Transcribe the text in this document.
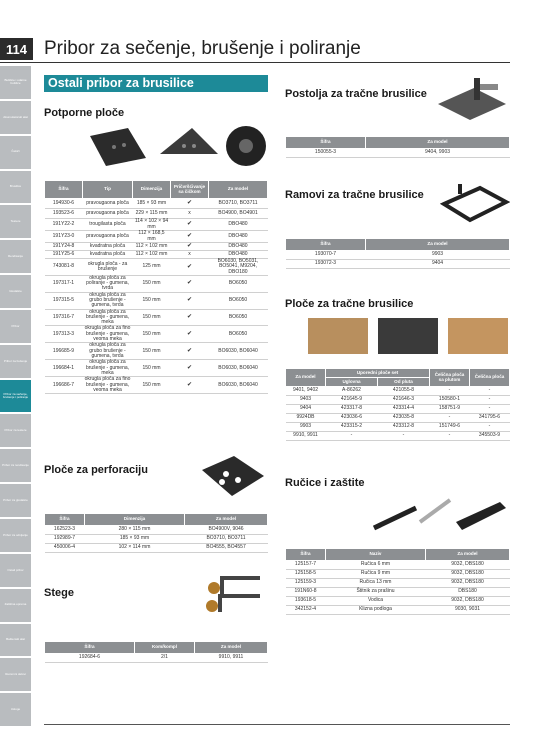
114 Pribor za sečenje, brušenje i poliranje
Bušilice i udarne bušilice
Akumulatorski alat
Čekići
Brusilice
Testere
Rendisanje
Glodalice
Pribor
Pribor za bušenje
Pribor za sečenje, brušenje i poliranje
Pribor za testere
Pribor za rendisanje
Pribor za glodalice
Pribor za odvijanje
Ostali pribor
Zaštitna oprema
Baštenski alat
Rezervni delovi
Usluge
Ostali pribor za brusilice
Potporne ploče
Šifra	Tip	Dimenzija	Pričvršćivanje sa čičkom	Za model
194930-6	pravougaona ploča	185 × 93 mm	✔	BO3710, BO3711
193523-6	pravougaona ploča	229 × 115 mm	x	BO4900, BO4901
191Y22-2	trougilasta ploča	114 × 102 × 94 mm	✔	DBO480
191Y23-0	pravougaona ploča	112 × 168,5 mm	✔	DBO480
191Y24-8	kvadratna ploča	112 × 102 mm	✔	DBO480
191Y25-6	kvadratna ploča	112 × 102 mm	x	DBO480
743081-8	okrugla ploča - za brušenje	125 mm	✔	BO6030, BO5031, BO5041, M9204, DBO180
197317-1	okrugla ploča za poliranje - gumena, tvrda	150 mm	✔	BO6050
197315-5	okrugla ploča za grubo brušenje - gumena, tvrda	150 mm	✔	BO6050
197316-7	okrugla ploča za brušenje - gumena, meka	150 mm	✔	BO6050
197313-3	okrugla ploča za fino brušenje - gumena, veoma meka	150 mm	✔	BO6050
196685-9	okrugla ploča za grubo brušenje - gumena, tvrda	150 mm	✔	BO6030, BO6040
196684-1	okrugla ploča za brušenje - gumena, meka	150 mm	✔	BO6030, BO6040
196686-7	okrugla ploča za fino brušenje - gumena, veoma meka	150 mm	✔	BO6030, BO6040
Ploče za perforaciju
Šifra	Dimenzija	Za model
162523-3	280 × 115 mm	BO4900V, 9046
192989-7	185 × 93 mm	BO3710, BO3711
450006-4	102 × 114 mm	BO4555, BO4557
Stege
Šifra	Kom/kompl	Za model
192684-6	2/1	9910, 9911
Postolja za tračne brusilice
Šifra	Za model
150055-3	9404, 9903
Ramovi za tračne brusilice
Šifra	Za model
193070-7	9903
193072-3	9404
Ploče za tračne brusilice
Za model	Uporedni ploče set		Čelična ploča sa plutom	Čelična ploča
	Uglovna	Od pluta		
9401, 9402	A-86262	421055-8	-	-
9403	421645-9	421646-3	150580-1	-
9404	423317-8	423314-4	158751-9	-
9924DB	423036-6	423035-8	-	341795-6
9903	423315-2	423312-8	151749-6	-
9910, 9911	-	-	-	345503-9
Ručice i zaštite
Šifra	Naziv	Za model
125157-7	Ručica 6 mm	9032, DBS180
125158-5	Ručica 9 mm	9032, DBS180
125159-3	Ručica 13 mm	9032, DBS180
191N60-8	Štitnik za prašinu	DBS180
193618-5	Vodica	9032, DBS180
342152-4	Klizna podloga	9030, 9031
